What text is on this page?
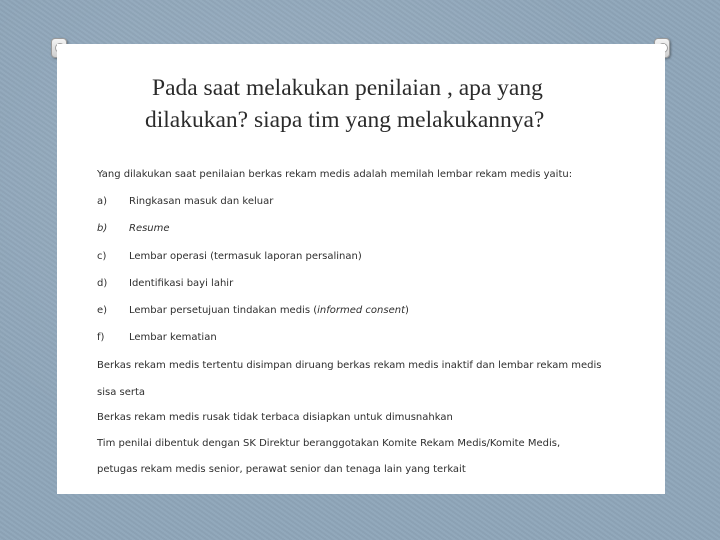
Pada saat melakukan penilaian , apa yang
dilakukan? siapa tim yang melakukannya?
Yang dilakukan saat penilaian berkas rekam medis adalah memilah lembar rekam medis yaitu:
a) Ringkasan masuk dan keluar
b) Resume
c) Lembar operasi (termasuk laporan persalinan)
d) Identifikasi bayi lahir
e) Lembar persetujuan tindakan medis (informed consent)
f) Lembar kematian
Berkas rekam medis tertentu disimpan diruang berkas rekam medis inaktif dan lembar rekam medis
sisa serta
Berkas rekam medis rusak tidak terbaca disiapkan untuk dimusnahkan
Tim penilai dibentuk dengan SK Direktur beranggotakan Komite Rekam Medis/Komite Medis,
petugas rekam medis senior, perawat senior dan tenaga lain yang terkait
